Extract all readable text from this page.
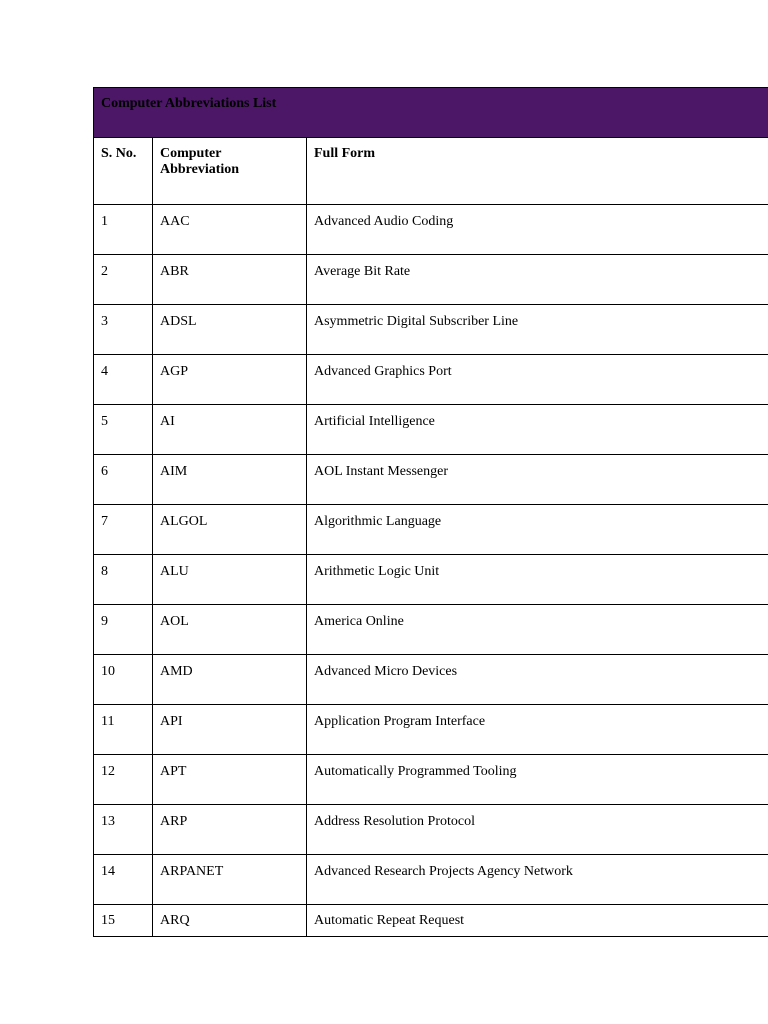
Computer Abbreviations List		
S. No.	Computer Abbreviation	Full Form
1	AAC	Advanced Audio Coding
2	ABR	Average Bit Rate
3	ADSL	Asymmetric Digital Subscriber Line
4	AGP	Advanced Graphics Port
5	AI	Artificial Intelligence
6	AIM	AOL Instant Messenger
7	ALGOL	Algorithmic Language
8	ALU	Arithmetic Logic Unit
9	AOL	America Online
10	AMD	Advanced Micro Devices
11	API	Application Program Interface
12	APT	Automatically Programmed Tooling
13	ARP	Address Resolution Protocol
14	ARPANET	Advanced Research Projects Agency Network
15	ARQ	Automatic Repeat Request
